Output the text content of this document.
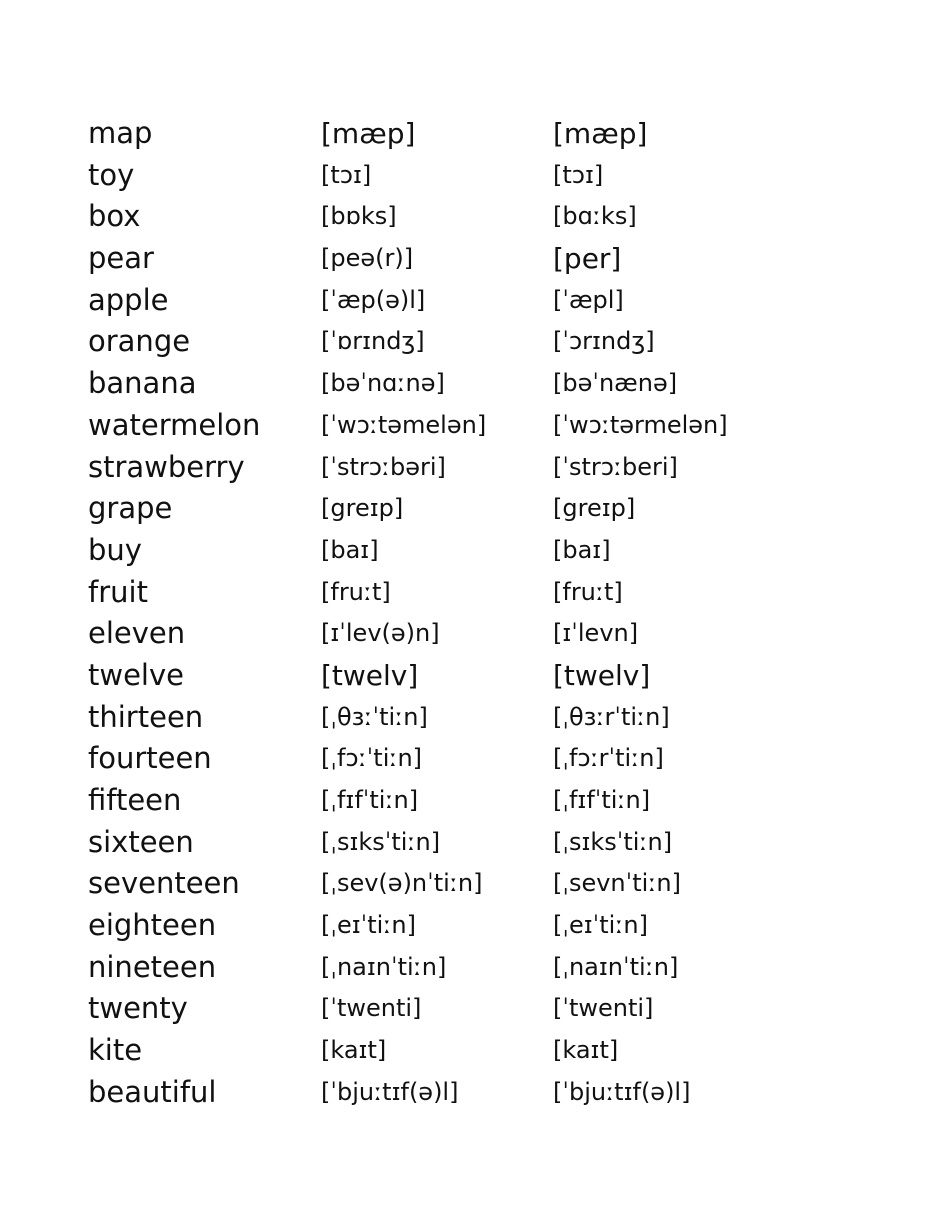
map	[mæp]	[mæp]
toy	[tɔɪ]	[tɔɪ]
box	[bɒks]	[bɑːks]
pear	[peə(r)]	[per]
apple	[ˈæp(ə)l]	[ˈæpl]
orange	[ˈɒrɪndʒ]	[ˈɔrɪndʒ]
banana	[bəˈnɑːnə]	[bəˈnænə]
watermelon	[ˈwɔːtəmelən]	[ˈwɔːtərmelən]
strawberry	[ˈstrɔːbəri]	[ˈstrɔːberi]
grape	[greɪp]	[greɪp]
buy	[baɪ]	[baɪ]
fruit	[fruːt]	[fruːt]
eleven	[ɪˈlev(ə)n]	[ɪˈlevn]
twelve	[twelv]	[twelv]
thirteen	[ˌθɜːˈtiːn]	[ˌθɜːrˈtiːn]
fourteen	[ˌfɔːˈtiːn]	[ˌfɔːrˈtiːn]
fifteen	[ˌfɪfˈtiːn]	[ˌfɪfˈtiːn]
sixteen	[ˌsɪksˈtiːn]	[ˌsɪksˈtiːn]
seventeen	[ˌsev(ə)nˈtiːn]	[ˌsevnˈtiːn]
eighteen	[ˌeɪˈtiːn]	[ˌeɪˈtiːn]
nineteen	[ˌnaɪnˈtiːn]	[ˌnaɪnˈtiːn]
twenty	[ˈtwenti]	[ˈtwenti]
kite	[kaɪt]	[kaɪt]
beautiful	[ˈbjuːtɪf(ə)l]	[ˈbjuːtɪf(ə)l]
